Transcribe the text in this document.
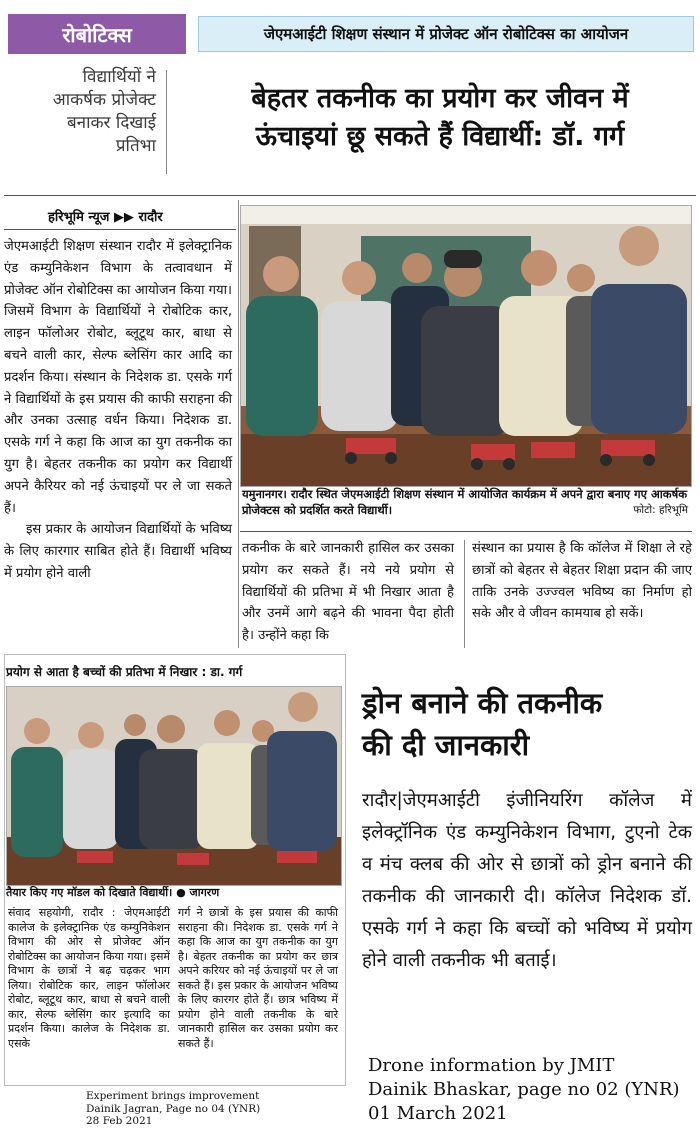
रोबोटिक्स	जेएमआईटी शिक्षण संस्थान में प्रोजेक्ट ऑन रोबोटिक्स का आयोजन
विद्यार्थियों ने
आकर्षक प्रोजेक्ट
बनाकर दिखाई
प्रतिभा
बेहतर तकनीक का प्रयोग कर जीवन में
ऊंचाइयां छू सकते हैं विद्यार्थी: डॉ. गर्ग
हरिभूमि न्यूज ▶▶ रादौर
जेएमआईटी शिक्षण संस्थान रादौर में इलेक्ट्रानिक एंड कम्युनिकेशन विभाग के तत्वावधान में प्रोजेक्ट ऑन रोबोटिक्स का आयोजन किया गया। जिसमें विभाग के विद्यार्थियों ने रोबोटिक कार, लाइन फॉलोअर रोबोट, ब्लूटूथ कार, बाधा से बचने वाली कार, सेल्फ ब्लेसिंग कार आदि का प्रदर्शन किया। संस्थान के निदेशक डा. एसके गर्ग ने विद्यार्थियों के इस प्रयास की काफी सराहना की और उनका उत्साह वर्धन किया। निदेशक डा. एसके गर्ग ने कहा कि आज का युग तकनीक का युग है। बेहतर तकनीक का प्रयोग कर विद्यार्थी अपने कैरियर को नई ऊंचाइयों पर ले जा सकते हैं।
इस प्रकार के आयोजन विद्यार्थियों के भविष्य के लिए कारगार साबित होते हैं। विद्यार्थी भविष्य में प्रयोग होने वाली
यमुनानगर। रादौर स्थित जेएमआईटी शिक्षण संस्थान में आयोजित कार्यक्रम में अपने द्वारा बनाए गए आकर्षक प्रोजेक्टस को प्रदर्शित करते विद्यार्थी।	फोटो: हरिभूमि
तकनीक के बारे जानकारी हासिल कर उसका प्रयोग कर सकते हैं। नये नये प्रयोग से विद्यार्थियों की प्रतिभा में भी निखार आता है और उनमें आगे बढ़ने की भावना पैदा होती है। उन्होंने कहा कि
संस्थान का प्रयास है कि कॉलेज में शिक्षा ले रहे छात्रों को बेहतर से बेहतर शिक्षा प्रदान की जाए ताकि उनके उज्ज्वल भविष्य का निर्माण हो सके और वे जीवन कामयाब हो सकें।
प्रयोग से आता है बच्चों की प्रतिभा में निखार : डा. गर्ग
तैयार किए गए मॉडल को दिखाते विद्यार्थी। ● जागरण
संवाद सहयोगी, रादौर : जेएमआईटी कालेज के इलेक्ट्रानिक एंड कम्युनिकेशन विभाग की ओर से प्रोजेक्ट ऑन रोबोटिक्स का आयोजन किया गया। इसमें विभाग के छात्रों ने बढ़ चढ़कर भाग लिया। रोबोटिक कार, लाइन फॉलोअर रोबोट, ब्लूटूथ कार, बाधा से बचने वाली कार, सेल्फ ब्लेसिंग कार इत्यादि का प्रदर्शन किया। कालेज के निदेशक डा. एसके
गर्ग ने छात्रों के इस प्रयास की काफी सराहना की। निदेशक डा. एसके गर्ग ने कहा कि आज का युग तकनीक का युग है। बेहतर तकनीक का प्रयोग कर छात्र अपने करियर को नई ऊंचाइयों पर ले जा सकते हैं। इस प्रकार के आयोजन भविष्य के लिए कारगर होते हैं। छात्र भविष्य में प्रयोग होने वाली तकनीक के बारे जानकारी हासिल कर उसका प्रयोग कर सकते हैं।
Experiment brings improvement
Dainik Jagran, Page no 04 (YNR)
28 Feb 2021
ड्रोन बनाने की तकनीक
की दी जानकारी
रादौर|जेएमआईटी इंजीनियरिंग कॉलेज में इलेक्ट्रॉनिक एंड कम्युनिकेशन विभाग, टुएनो टेक व मंच क्लब की ओर से छात्रों को ड्रोन बनाने की तकनीक की जानकारी दी। कॉलेज निदेशक डॉ. एसके गर्ग ने कहा कि बच्चों को भविष्य में प्रयोग होने वाली तकनीक भी बताई।
Drone information by JMIT
Dainik Bhaskar, page no 02 (YNR)
01 March 2021
